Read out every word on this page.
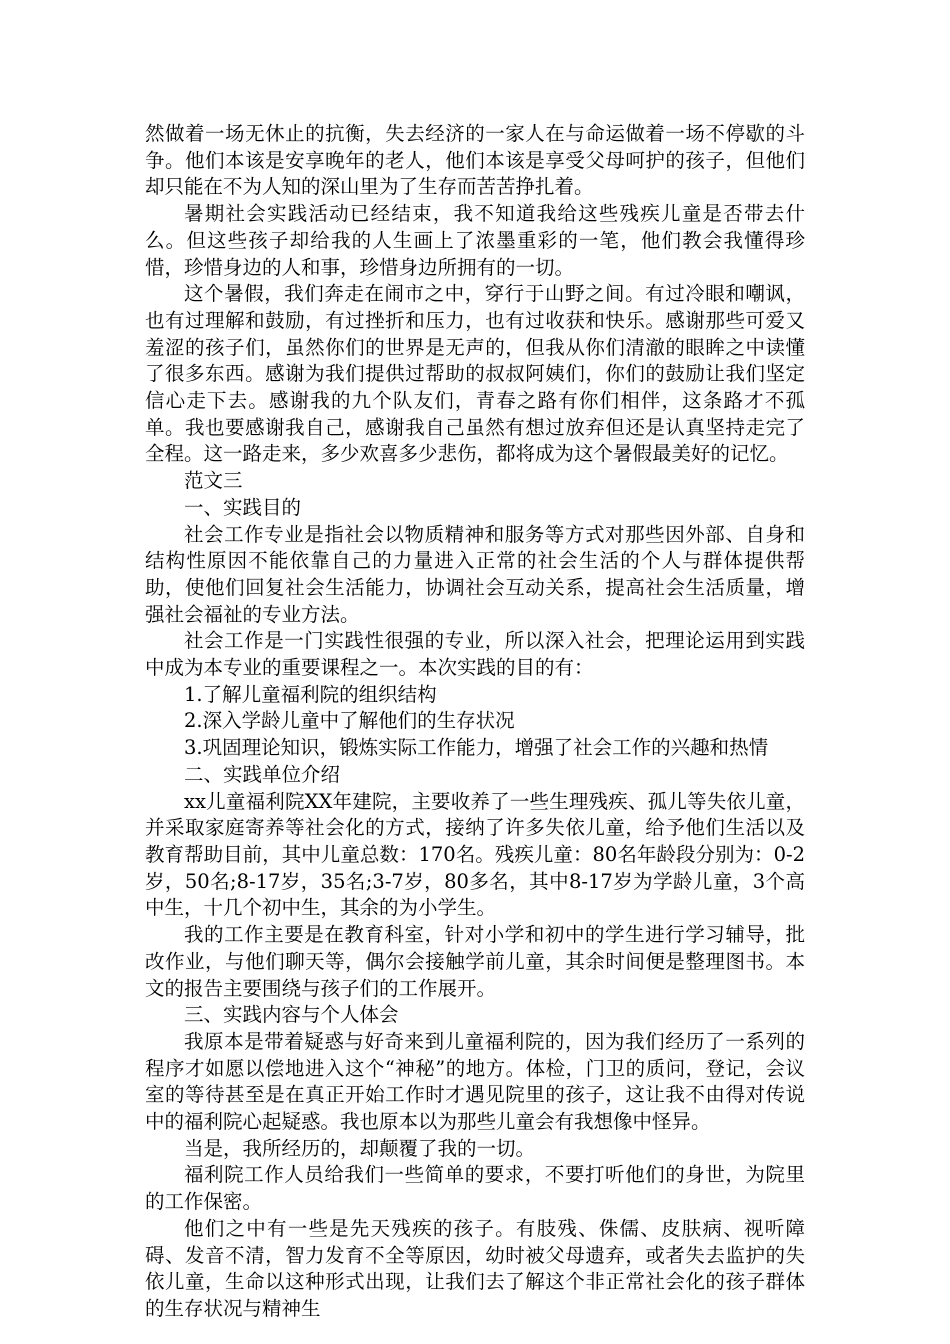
然做着一场无休止的抗衡，失去经济的一家人在与命运做着一场不停歇的斗争。他们本该是安享晚年的老人，他们本该是享受父母呵护的孩子，但他们却只能在不为人知的深山里为了生存而苦苦挣扎着。

暑期社会实践活动已经结束，我不知道我给这些残疾儿童是否带去什么。但这些孩子却给我的人生画上了浓墨重彩的一笔，他们教会我懂得珍惜，珍惜身边的人和事，珍惜身边所拥有的一切。

这个暑假，我们奔走在闹市之中，穿行于山野之间。有过冷眼和嘲讽，也有过理解和鼓励，有过挫折和压力，也有过收获和快乐。感谢那些可爱又羞涩的孩子们，虽然你们的世界是无声的，但我从你们清澈的眼眸之中读懂了很多东西。感谢为我们提供过帮助的叔叔阿姨们，你们的鼓励让我们坚定信心走下去。感谢我的九个队友们，青春之路有你们相伴，这条路才不孤单。我也要感谢我自己，感谢我自己虽然有想过放弃但还是认真坚持走完了全程。这一路走来，多少欢喜多少悲伤，都将成为这个暑假最美好的记忆。

范文三

一、实践目的

社会工作专业是指社会以物质精神和服务等方式对那些因外部、自身和结构性原因不能依靠自己的力量进入正常的社会生活的个人与群体提供帮助，使他们回复社会生活能力，协调社会互动关系，提高社会生活质量，增强社会福祉的专业方法。

社会工作是一门实践性很强的专业，所以深入社会，把理论运用到实践中成为本专业的重要课程之一。本次实践的目的有：

1.了解儿童福利院的组织结构

2.深入学龄儿童中了解他们的生存状况

3.巩固理论知识，锻炼实际工作能力，增强了社会工作的兴趣和热情

二、实践单位介绍

xx儿童福利院XX年建院，主要收养了一些生理残疾、孤儿等失依儿童，并采取家庭寄养等社会化的方式，接纳了许多失依儿童，给予他们生活以及教育帮助目前，其中儿童总数：170名。残疾儿童：80名年龄段分别为：0-2岁，50名;8-17岁，35名;3-7岁，80多名，其中8-17岁为学龄儿童，3个高中生，十几个初中生，其余的为小学生。

我的工作主要是在教育科室，针对小学和初中的学生进行学习辅导，批改作业，与他们聊天等，偶尔会接触学前儿童，其余时间便是整理图书。本文的报告主要围绕与孩子们的工作展开。

三、实践内容与个人体会

我原本是带着疑惑与好奇来到儿童福利院的，因为我们经历了一系列的程序才如愿以偿地进入这个“神秘”的地方。体检，门卫的质问，登记，会议室的等待甚至是在真正开始工作时才遇见院里的孩子，这让我不由得对传说中的福利院心起疑惑。我也原本以为那些儿童会有我想像中怪异。

当是，我所经历的，却颠覆了我的一切。

福利院工作人员给我们一些简单的要求，不要打听他们的身世，为院里的工作保密。

他们之中有一些是先天残疾的孩子。有肢残、侏儒、皮肤病、视听障碍、发音不清，智力发育不全等原因，幼时被父母遗弃，或者失去监护的失依儿童，生命以这种形式出现，让我们去了解这个非正常社会化的孩子群体的生存状况与精神生
